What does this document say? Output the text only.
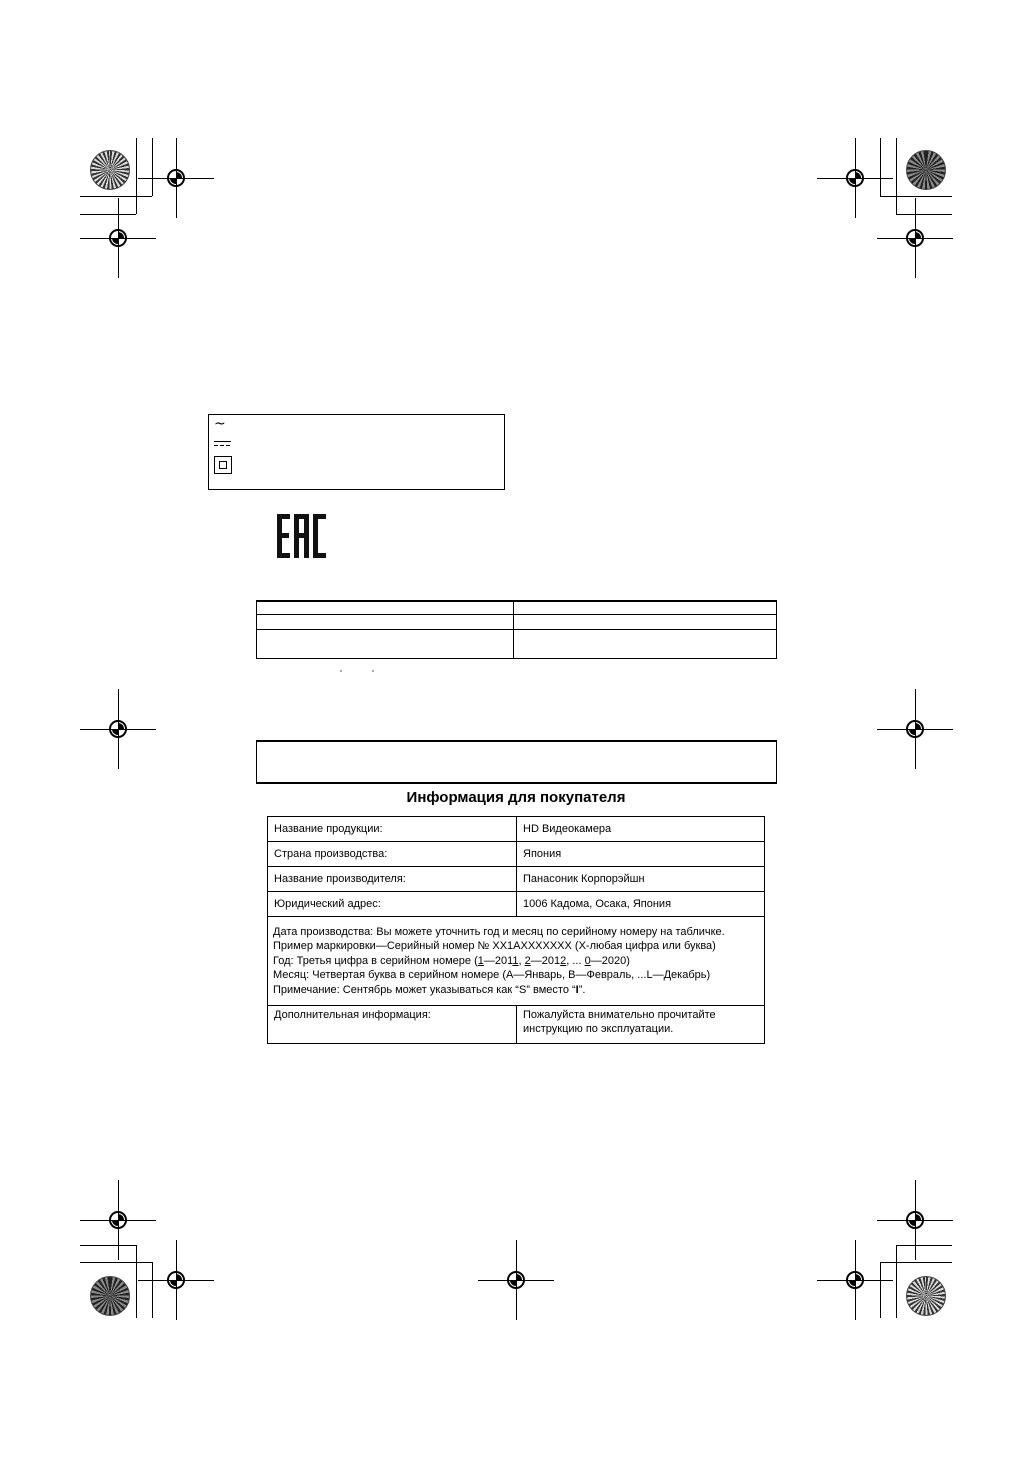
~
Информация для покупателя
Название продукции:	HD Видеокамера
Страна производства:	Япония
Название производителя:	Панасоник Корпорэйшн
Юридический адрес:	1006 Кадома, Осака, Япония

Дата производства: Вы можете уточнить год и месяц по серийному номеру на табличке.
Пример маркировки—Серийный номер № XX1AXXXXXXX (X-любая цифра или буква)
Год: Третья цифра в серийном номере (1—2011, 2—2012, ... 0—2020)
Месяц: Четвертая буква в серийном номере (A—Январь, B—Февраль, ...L—Декабрь)
Примечание: Сентябрь может указываться как “S” вместо “I”.	

Дополнительная информация:	Пожалуйста внимательно прочитайте инструкцию по эксплуатации.
